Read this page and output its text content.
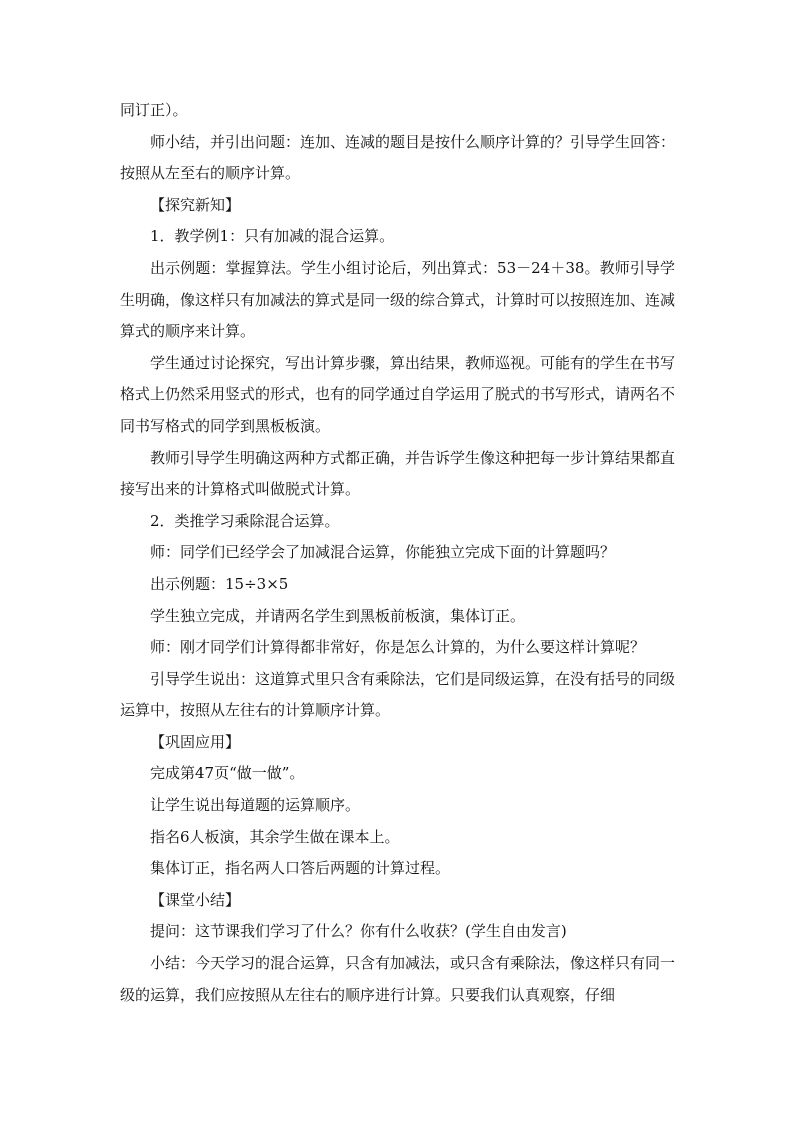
同订正）。

师小结，并引出问题：连加、连减的题目是按什么顺序计算的？引导学生回答：按照从左至右的顺序计算。

【探究新知】

1．教学例1：只有加减的混合运算。

出示例题：掌握算法。学生小组讨论后，列出算式：53－24＋38。教师引导学生明确，像这样只有加减法的算式是同一级的综合算式，计算时可以按照连加、连减算式的顺序来计算。

学生通过讨论探究，写出计算步骤，算出结果，教师巡视。可能有的学生在书写格式上仍然采用竖式的形式，也有的同学通过自学运用了脱式的书写形式，请两名不同书写格式的同学到黑板板演。

教师引导学生明确这两种方式都正确，并告诉学生像这种把每一步计算结果都直接写出来的计算格式叫做脱式计算。

2．类推学习乘除混合运算。

师：同学们已经学会了加减混合运算，你能独立完成下面的计算题吗？

出示例题：15÷3×5

学生独立完成，并请两名学生到黑板前板演，集体订正。

师：刚才同学们计算得都非常好，你是怎么计算的，为什么要这样计算呢？

引导学生说出：这道算式里只含有乘除法，它们是同级运算，在没有括号的同级运算中，按照从左往右的计算顺序计算。

【巩固应用】

完成第47页“做一做”。

让学生说出每道题的运算顺序。

指名6人板演，其余学生做在课本上。

集体订正，指名两人口答后两题的计算过程。

【课堂小结】

提问：这节课我们学习了什么？你有什么收获？(学生自由发言)

小结：今天学习的混合运算，只含有加减法，或只含有乘除法，像这样只有同一级的运算，我们应按照从左往右的顺序进行计算。只要我们认真观察，仔细
